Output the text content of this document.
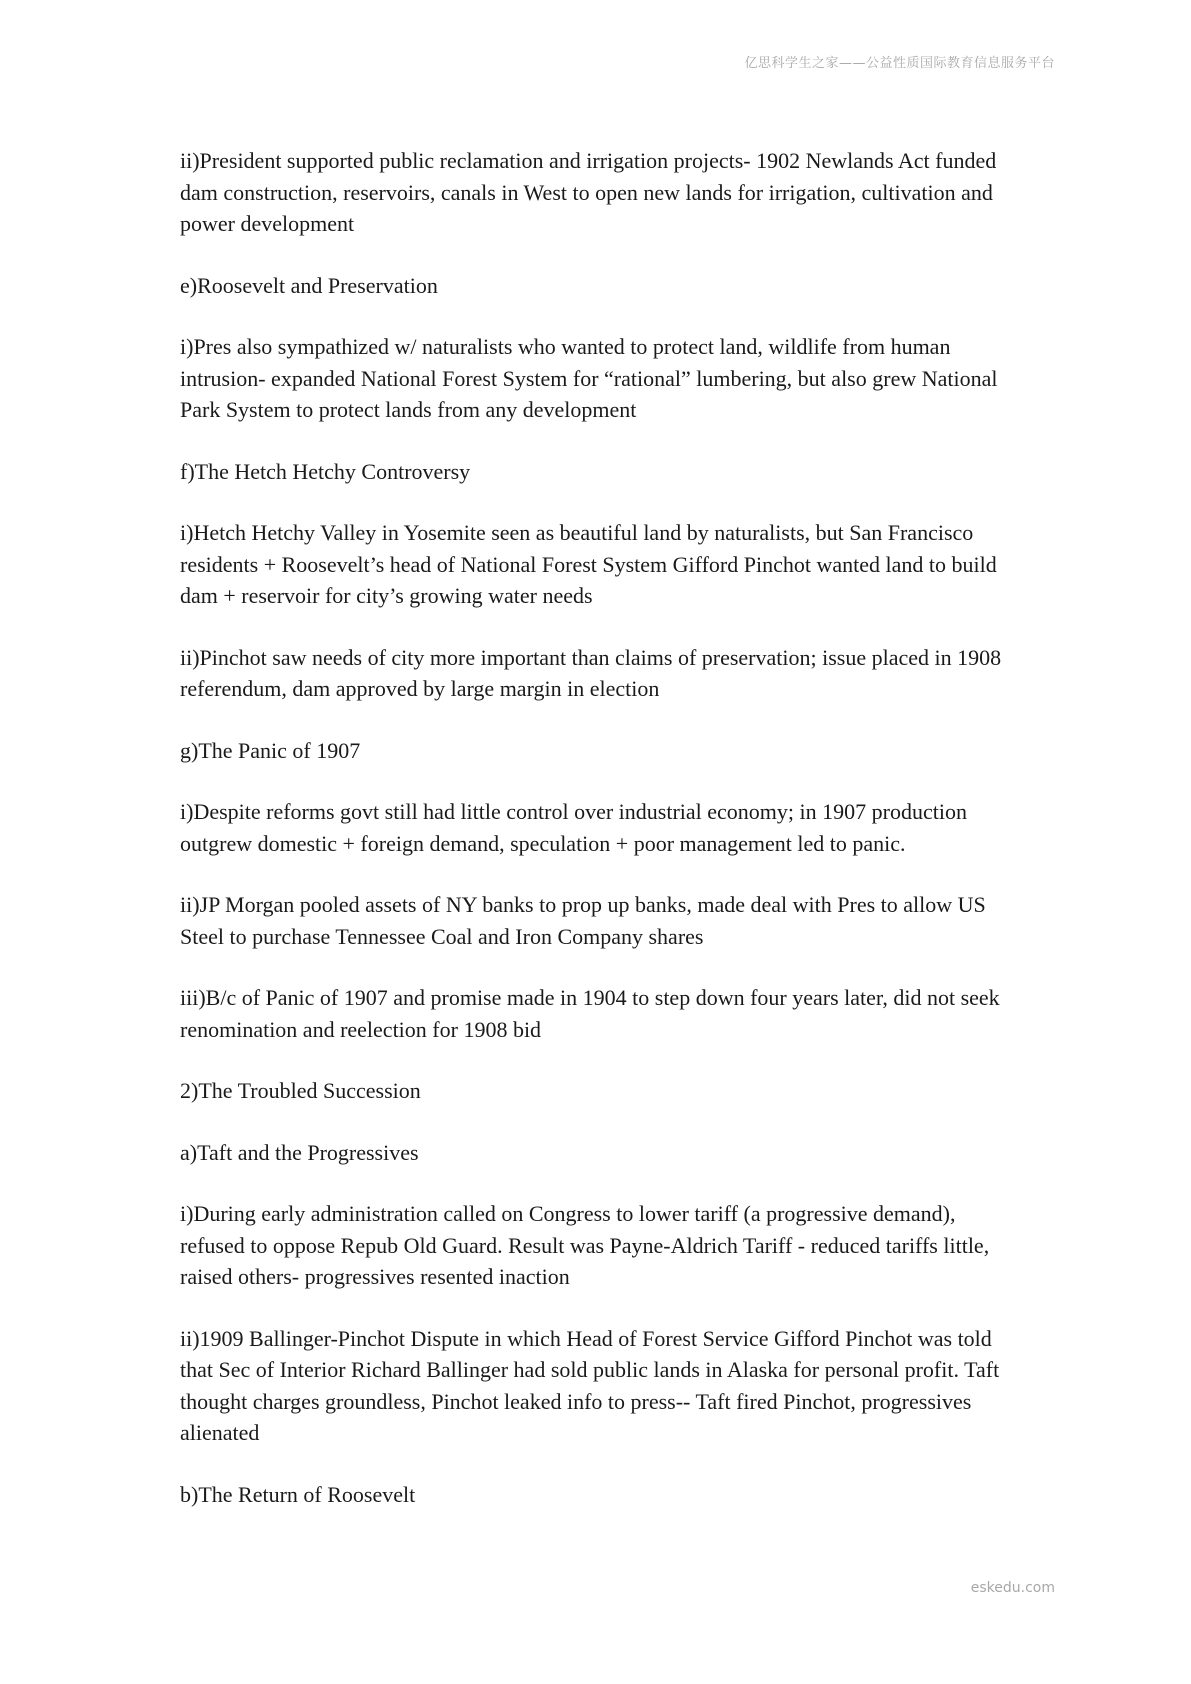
亿思科学生之家——公益性质国际教育信息服务平台

ii)President supported public reclamation and irrigation projects- 1902 Newlands Act funded dam construction, reservoirs, canals in West to open new lands for irrigation, cultivation and power development

e)Roosevelt and Preservation

i)Pres also sympathized w/ naturalists who wanted to protect land, wildlife from human intrusion- expanded National Forest System for “rational” lumbering, but also grew National Park System to protect lands from any development

f)The Hetch Hetchy Controversy

i)Hetch Hetchy Valley in Yosemite seen as beautiful land by naturalists, but San Francisco residents + Roosevelt’s head of National Forest System Gifford Pinchot wanted land to build dam + reservoir for city’s growing water needs

ii)Pinchot saw needs of city more important than claims of preservation; issue placed in 1908 referendum, dam approved by large margin in election

g)The Panic of 1907

i)Despite reforms govt still had little control over industrial economy; in 1907 production outgrew domestic + foreign demand, speculation + poor management led to panic.

ii)JP Morgan pooled assets of NY banks to prop up banks, made deal with Pres to allow US Steel to purchase Tennessee Coal and Iron Company shares

iii)B/c of Panic of 1907 and promise made in 1904 to step down four years later, did not seek renomination and reelection for 1908 bid

2)The Troubled Succession

a)Taft and the Progressives

i)During early administration called on Congress to lower tariff (a progressive demand), refused to oppose Repub Old Guard. Result was Payne-Aldrich Tariff - reduced tariffs little, raised others- progressives resented inaction

ii)1909 Ballinger-Pinchot Dispute in which Head of Forest Service Gifford Pinchot was told that Sec of Interior Richard Ballinger had sold public lands in Alaska for personal profit. Taft thought charges groundless, Pinchot leaked info to press-- Taft fired Pinchot, progressives alienated

b)The Return of Roosevelt

eskedu.com
